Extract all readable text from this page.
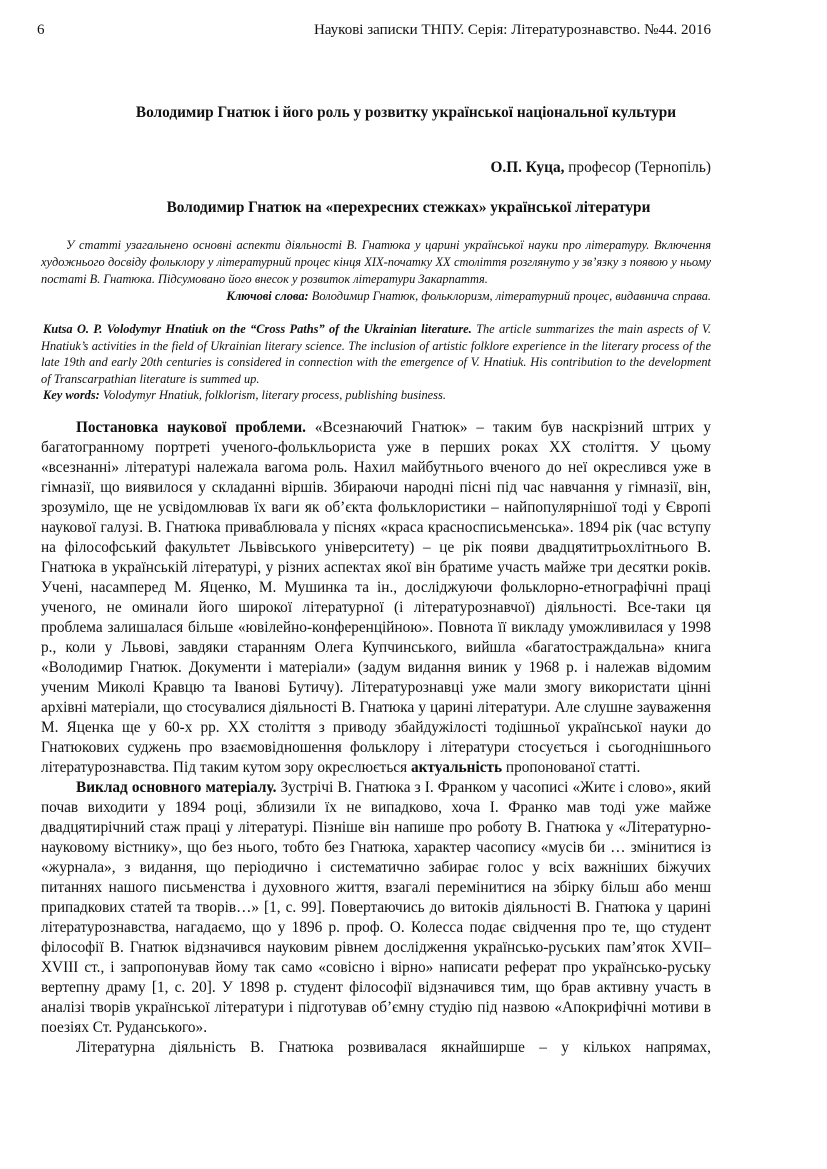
6	Наукові записки ТНПУ. Серія: Літературознавство. №44. 2016
Володимир Гнатюк і його роль у розвитку української національної культури
О.П. Куца, професор (Тернопіль)
Володимир Гнатюк на «перехресних стежках» української літератури

У статті узагальнено основні аспекти діяльності В. Гнатюка у царині української науки про літературу. Включення художнього досвіду фольклору у літературний процес кінця ХІХ-початку ХХ століття розглянуто у зв’язку з появою у ньому постаті В. Гнатюка. Підсумовано його внесок у розвиток літератури Закарпаття.

Ключові слова: Володимир Гнатюк, фольклоризм, літературний процес, видавнича справа.

Kutsa O. P. Volodymyr Hnatiuk on the “Cross Paths” of the Ukrainian literature. The article summarizes the main aspects of V. Hnatiuk’s activities in the field of Ukrainian literary science. The inclusion of artistic folklore experience in the literary process of the late 19th and early 20th centuries is considered in connection with the emergence of V. Hnatiuk. His contribution to the development of Transcarpathian literature is summed up.

Key words: Volodymyr Hnatiuk, folklorism, literary process, publishing business.

Постановка наукової проблеми. «Всезнаючий Гнатюк» – таким був наскрізний штрих у багатогранному портреті ученого-фолькльориста уже в перших роках ХХ століття. У цьому «всезнанні» літературі належала вагома роль. Нахил майбутнього вченого до неї окреслився уже в гімназії, що виявилося у складанні віршів. Збираючи народні пісні під час навчання у гімназії, він, зрозуміло, ще не усвідомлював їх ваги як об’єкта фольклористики – найпопулярнішої тоді у Європі наукової галузі. В. Гнатюка приваблювала у піснях «краса красносписьменська». 1894 рік (час вступу на філософський факультет Львівського університету) – це рік появи двадцятитрьохлітнього В. Гнатюка в українській літературі, у різних аспектах якої він братиме участь майже три десятки років. Учені, насамперед М. Яценко, М. Мушинка та ін., досліджуючи фольклорно-етнографічні праці ученого, не оминали його широкої літературної (і літературознавчої) діяльності. Все-таки ця проблема залишалася більше «ювілейно-конференційною». Повнота її викладу уможливилася у 1998 р., коли у Львові, завдяки старанням Олега Купчинського, вийшла «багатостраждальна» книга «Володимир Гнатюк. Документи і матеріали» (задум видання виник у 1968 р. і належав відомим ученим Миколі Кравцю та Іванові Бутичу). Літературознавці уже мали змогу використати цінні архівні матеріали, що стосувалися діяльності В. Гнатюка у царині літератури. Але слушне зауваження М. Яценка ще у 60-х рр. ХХ століття з приводу збайдужілості тодішньої української науки до Гнатюкових суджень про взаємовідношення фольклору і літератури стосується і сьогоднішнього літературознавства. Під таким кутом зору окреслюється актуальність пропонованої статті.

Виклад основного матеріалу. Зустрічі В. Гнатюка з І. Франком у часописі «Житє і слово», який почав виходити у 1894 році, зблизили їх не випадково, хоча І. Франко мав тоді уже майже двадцятирічний стаж праці у літературі. Пізніше він напише про роботу В. Гнатюка у «Літературно-науковому вістнику», що без нього, тобто без Гнатюка, характер часопису «мусів би … змінитися із «журнала», з видання, що періодично і систематично забирає голос у всіх важніших біжучих питаннях нашого письменства і духовного життя, взагалі перемінитися на збірку більш або менш припадкових статей та творів…» [1, с. 99]. Повертаючись до витоків діяльності В. Гнатюка у царині літературознавства, нагадаємо, що у 1896 р. проф. О. Колесса подає свідчення про те, що студент філософії В. Гнатюк відзначився науковим рівнем дослідження українсько-руських пам’яток XVII–XVIII ст., і запропонував йому так само «совісно і вірно» написати реферат про українсько-руську вертепну драму [1, с. 20]. У 1898 р. студент філософії відзначився тим, що брав активну участь в аналізі творів української літератури і підготував об’ємну студію під назвою «Апокрифічні мотиви в поезіях Ст. Руданського».

Літературна діяльність В. Гнатюка розвивалася якнайширше – у кількох напрямах,
